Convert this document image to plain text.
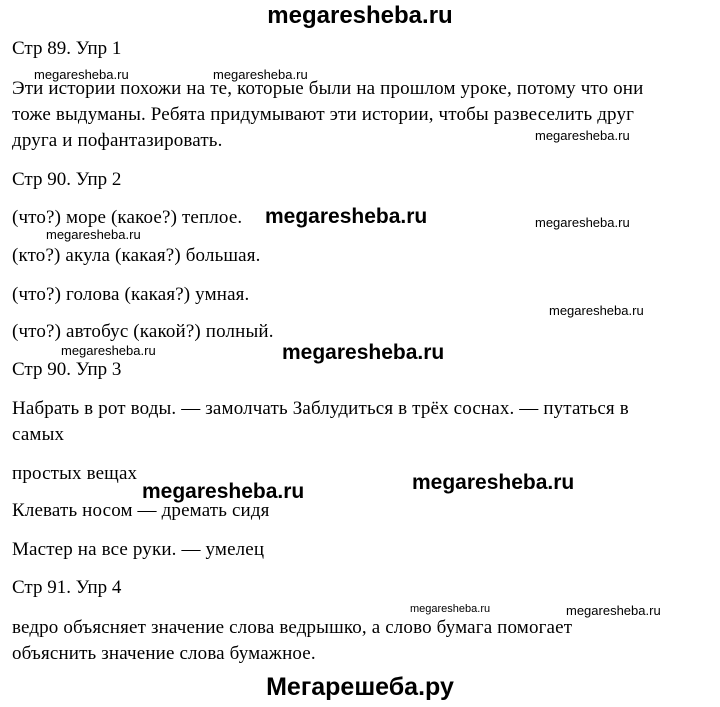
megaresheba.ru
Стр 89. Упр 1
Эти истории похожи на те, которые были на прошлом уроке, потому что они
тоже выдуманы. Ребята придумывают эти истории, чтобы развеселить друг
друга и пофантазировать.
Стр 90. Упр 2
(что?) море (какое?) теплое.
(кто?) акула (какая?) большая.
(что?) голова (какая?) умная.
(что?) автобус (какой?) полный.
Стр 90. Упр 3
Набрать в рот воды. — замолчать Заблудиться в трёх соснах. — путаться в
самых
простых вещах
Клевать носом — дремать сидя
Мастер на все руки. — умелец
Стр 91. Упр 4
ведро объясняет значение слова ведрышко, а слово бумага помогает
объяснить значение слова бумажное.
megaresheba.ru	megaresheba.ru
megaresheba.ru
megaresheba.ru	megaresheba.ru
megaresheba.ru
megaresheba.ru
megaresheba.ru
megaresheba.ru
megaresheba.ru
megaresheba.ru
megaresheba.ru	megaresheba.ru
Мегарешеба.ру
